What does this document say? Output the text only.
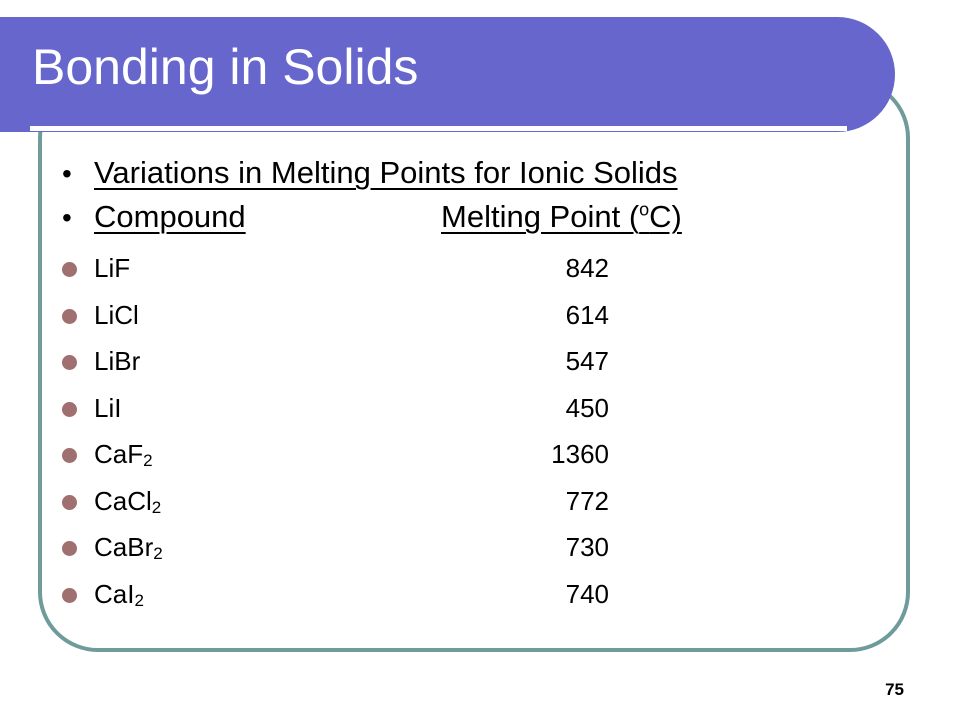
Bonding in Solids
• Variations in Melting Points for Ionic Solids
• Compound	Melting Point ($^o$C)
LiF	842
LiCl	614
LiBr	547
LiI	450
CaF$_2$	1360
CaCl$_2$	772
CaBr$_2$	730
CaI$_2$	740
75
